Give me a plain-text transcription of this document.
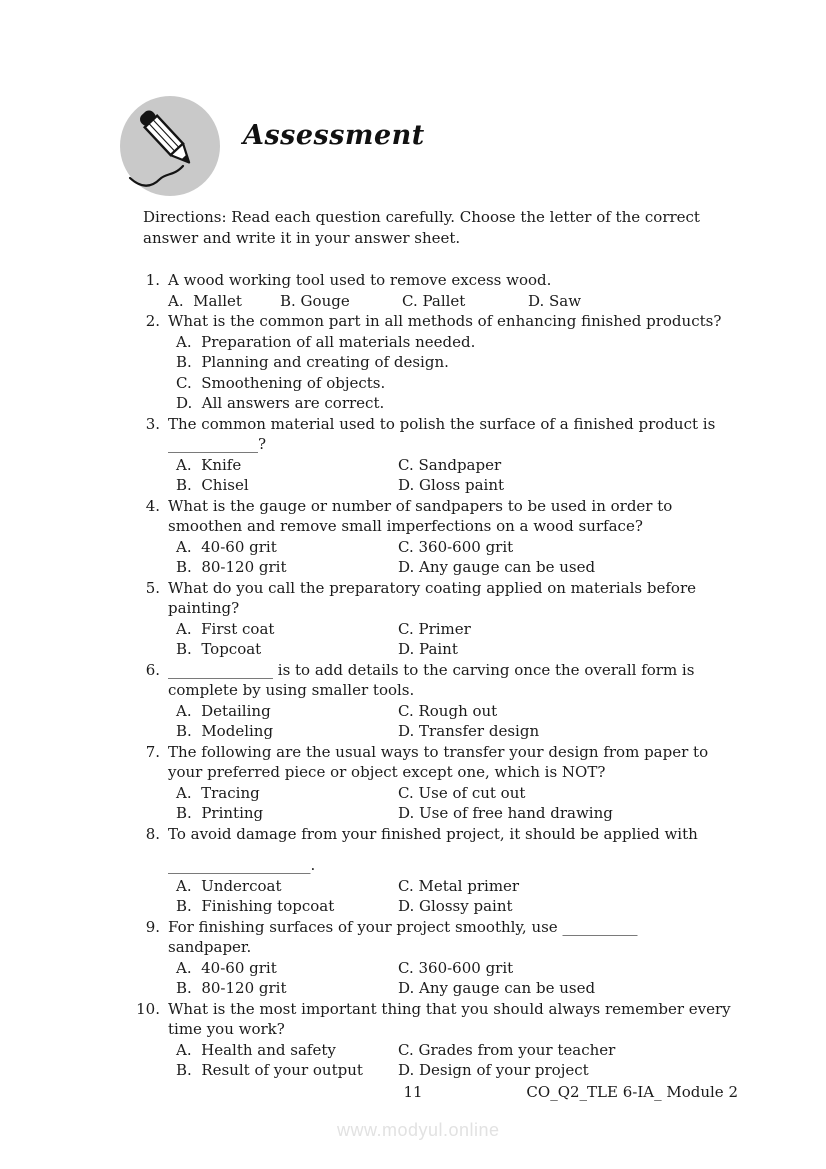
Assessment
Directions: Read each question carefully. Choose the letter of the correct
answer and write it in your answer sheet.
1. A wood working tool used to remove excess wood.
A.  Mallet	B. Gouge	C. Pallet	D. Saw
2. What is the common part in all methods of enhancing finished products?
A.  Preparation of all materials needed.
B.  Planning and creating of design.
C.  Smoothening of objects.
D.  All answers are correct.
3. The common material used to polish the surface of a finished product is
____________?
A.  Knife	C. Sandpaper
B.  Chisel	D. Gloss paint
4. What is the gauge or number of sandpapers to be used in order to
smoothen and remove small imperfections on a wood surface?
A.  40-60 grit	C. 360-600 grit
B.  80-120 grit	D. Any gauge can be used
5. What do you call the preparatory coating applied on materials before
painting?
A.  First coat	C. Primer
B.  Topcoat	D. Paint
6. ______________ is to add details to the carving once the overall form is
complete by using smaller tools.
A.  Detailing	C. Rough out
B.  Modeling	D. Transfer design
7. The following are the usual ways to transfer your design from paper to
your preferred piece or object except one, which is NOT?
A.  Tracing	C. Use of cut out
B.  Printing	D. Use of free hand drawing
8. To avoid damage from your finished project, it should be applied with
___________________.
A.  Undercoat	C. Metal primer
B.  Finishing topcoat	D. Glossy paint
9. For finishing surfaces of your project smoothly, use __________
sandpaper.
A.  40-60 grit	C. 360-600 grit
B.  80-120 grit	D. Any gauge can be used
10. What is the most important thing that you should always remember every
time you work?
A.  Health and safety	C. Grades from your teacher
B.  Result of your output D. Design of your project
11	CO_Q2_TLE 6-IA_ Module 2
www.modyul.online
